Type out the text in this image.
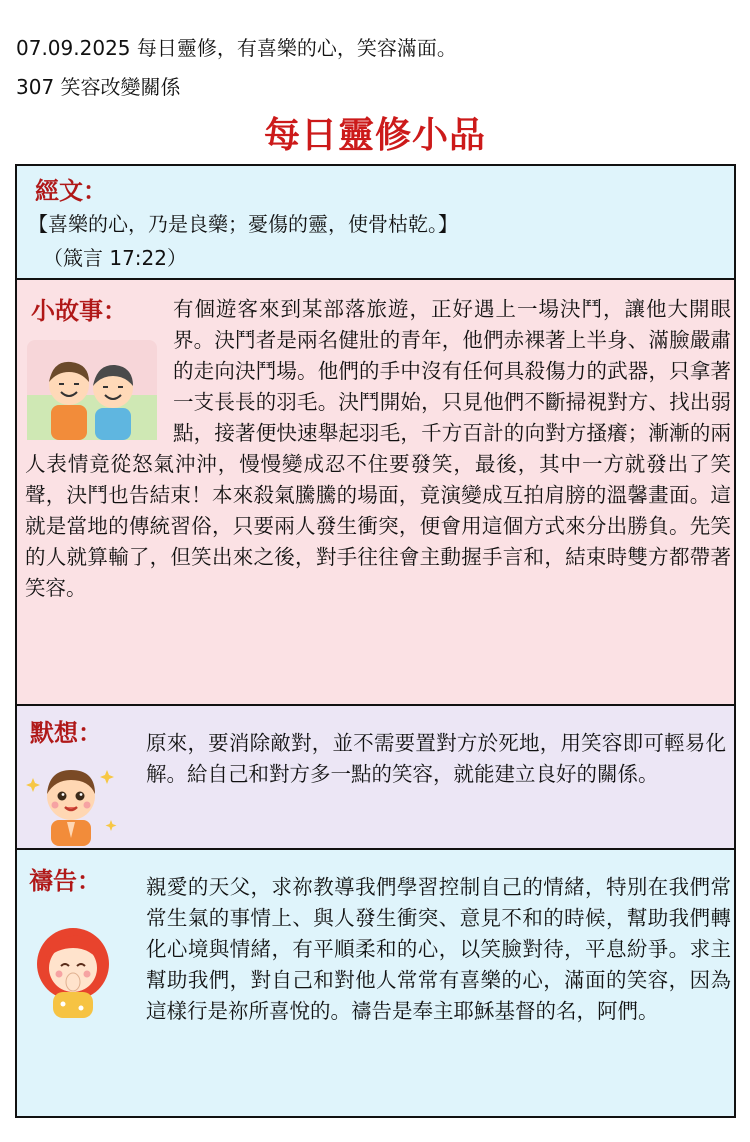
07.09.2025 每日靈修，有喜樂的心，笑容滿面。
307 笑容改變關係
每日靈修小品
經文：
【喜樂的心，乃是良藥；憂傷的靈，使骨枯乾。】
（箴言 17:22）
小故事：	有個遊客來到某部落旅遊，正好遇上一場決鬥，讓他大開眼界。決鬥者是兩名健壯的青年，他們赤裸著上半身、滿臉嚴肅的走向決鬥場。他們的手中沒有任何具殺傷力的武器，只拿著一支長長的羽毛。決鬥開始，只見他們不斷掃視對方、找出弱點，接著便快速舉起羽毛，千方百計的向對方搔癢；漸漸的兩人表情竟從怒氣沖沖，慢慢變成忍不住要發笑，最後，其中一方就發出了笑聲，決鬥也告結束！本來殺氣騰騰的場面，竟演變成互拍肩膀的溫馨畫面。這就是當地的傳統習俗，只要兩人發生衝突，便會用這個方式來分出勝負。先笑的人就算輸了，但笑出來之後，對手往往會主動握手言和，結束時雙方都帶著笑容。
默想： 原來，要消除敵對，並不需要置對方於死地，用笑容即可輕易化解。給自己和對方多一點的笑容，就能建立良好的關係。
禱告： 親愛的天父，求祢教導我們學習控制自己的情緒，特別在我們常常生氣的事情上、與人發生衝突、意見不和的時候，幫助我們轉化心境與情緒，有平順柔和的心，以笑臉對待，平息紛爭。求主幫助我們，對自己和對他人常常有喜樂的心，滿面的笑容，因為這樣行是祢所喜悅的。禱告是奉主耶穌基督的名，阿們。
